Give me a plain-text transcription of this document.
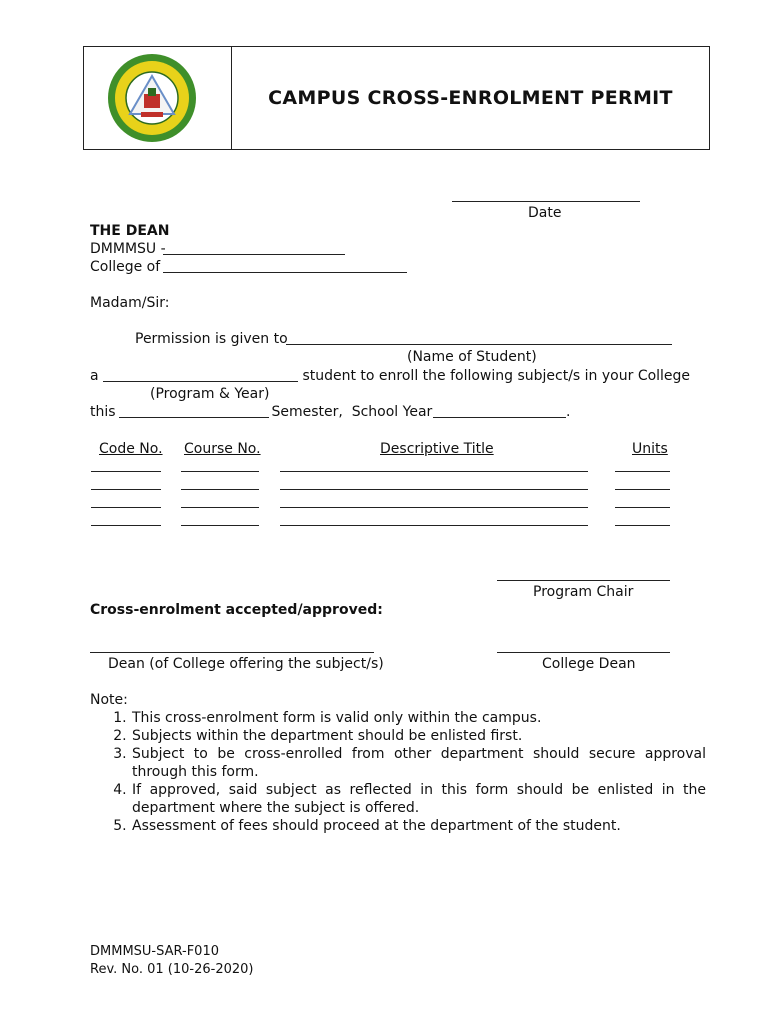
CAMPUS CROSS-ENROLMENT PERMIT
Date
THE DEAN
DMMMSU -
College of
Madam/Sir:
Permission is given to
(Name of Student)
a	student to enroll the following subject/s in your College
(Program & Year)
this	Semester,  School Year	.
Code No. Course No.	Descriptive Title	Units
Program Chair
Cross-enrolment accepted/approved:
Dean (of College offering the subject/s)	College Dean
Note:
1. This cross-enrolment form is valid only within the campus.
2. Subjects within the department should be enlisted first.
3. Subject to be cross-enrolled from other department should secure approval through this form.
4. If approved, said subject as reflected in this form should be enlisted in the department where the subject is offered.
5. Assessment of fees should proceed at the department of the student.
DMMMSU-SAR-F010
Rev. No. 01 (10-26-2020)
